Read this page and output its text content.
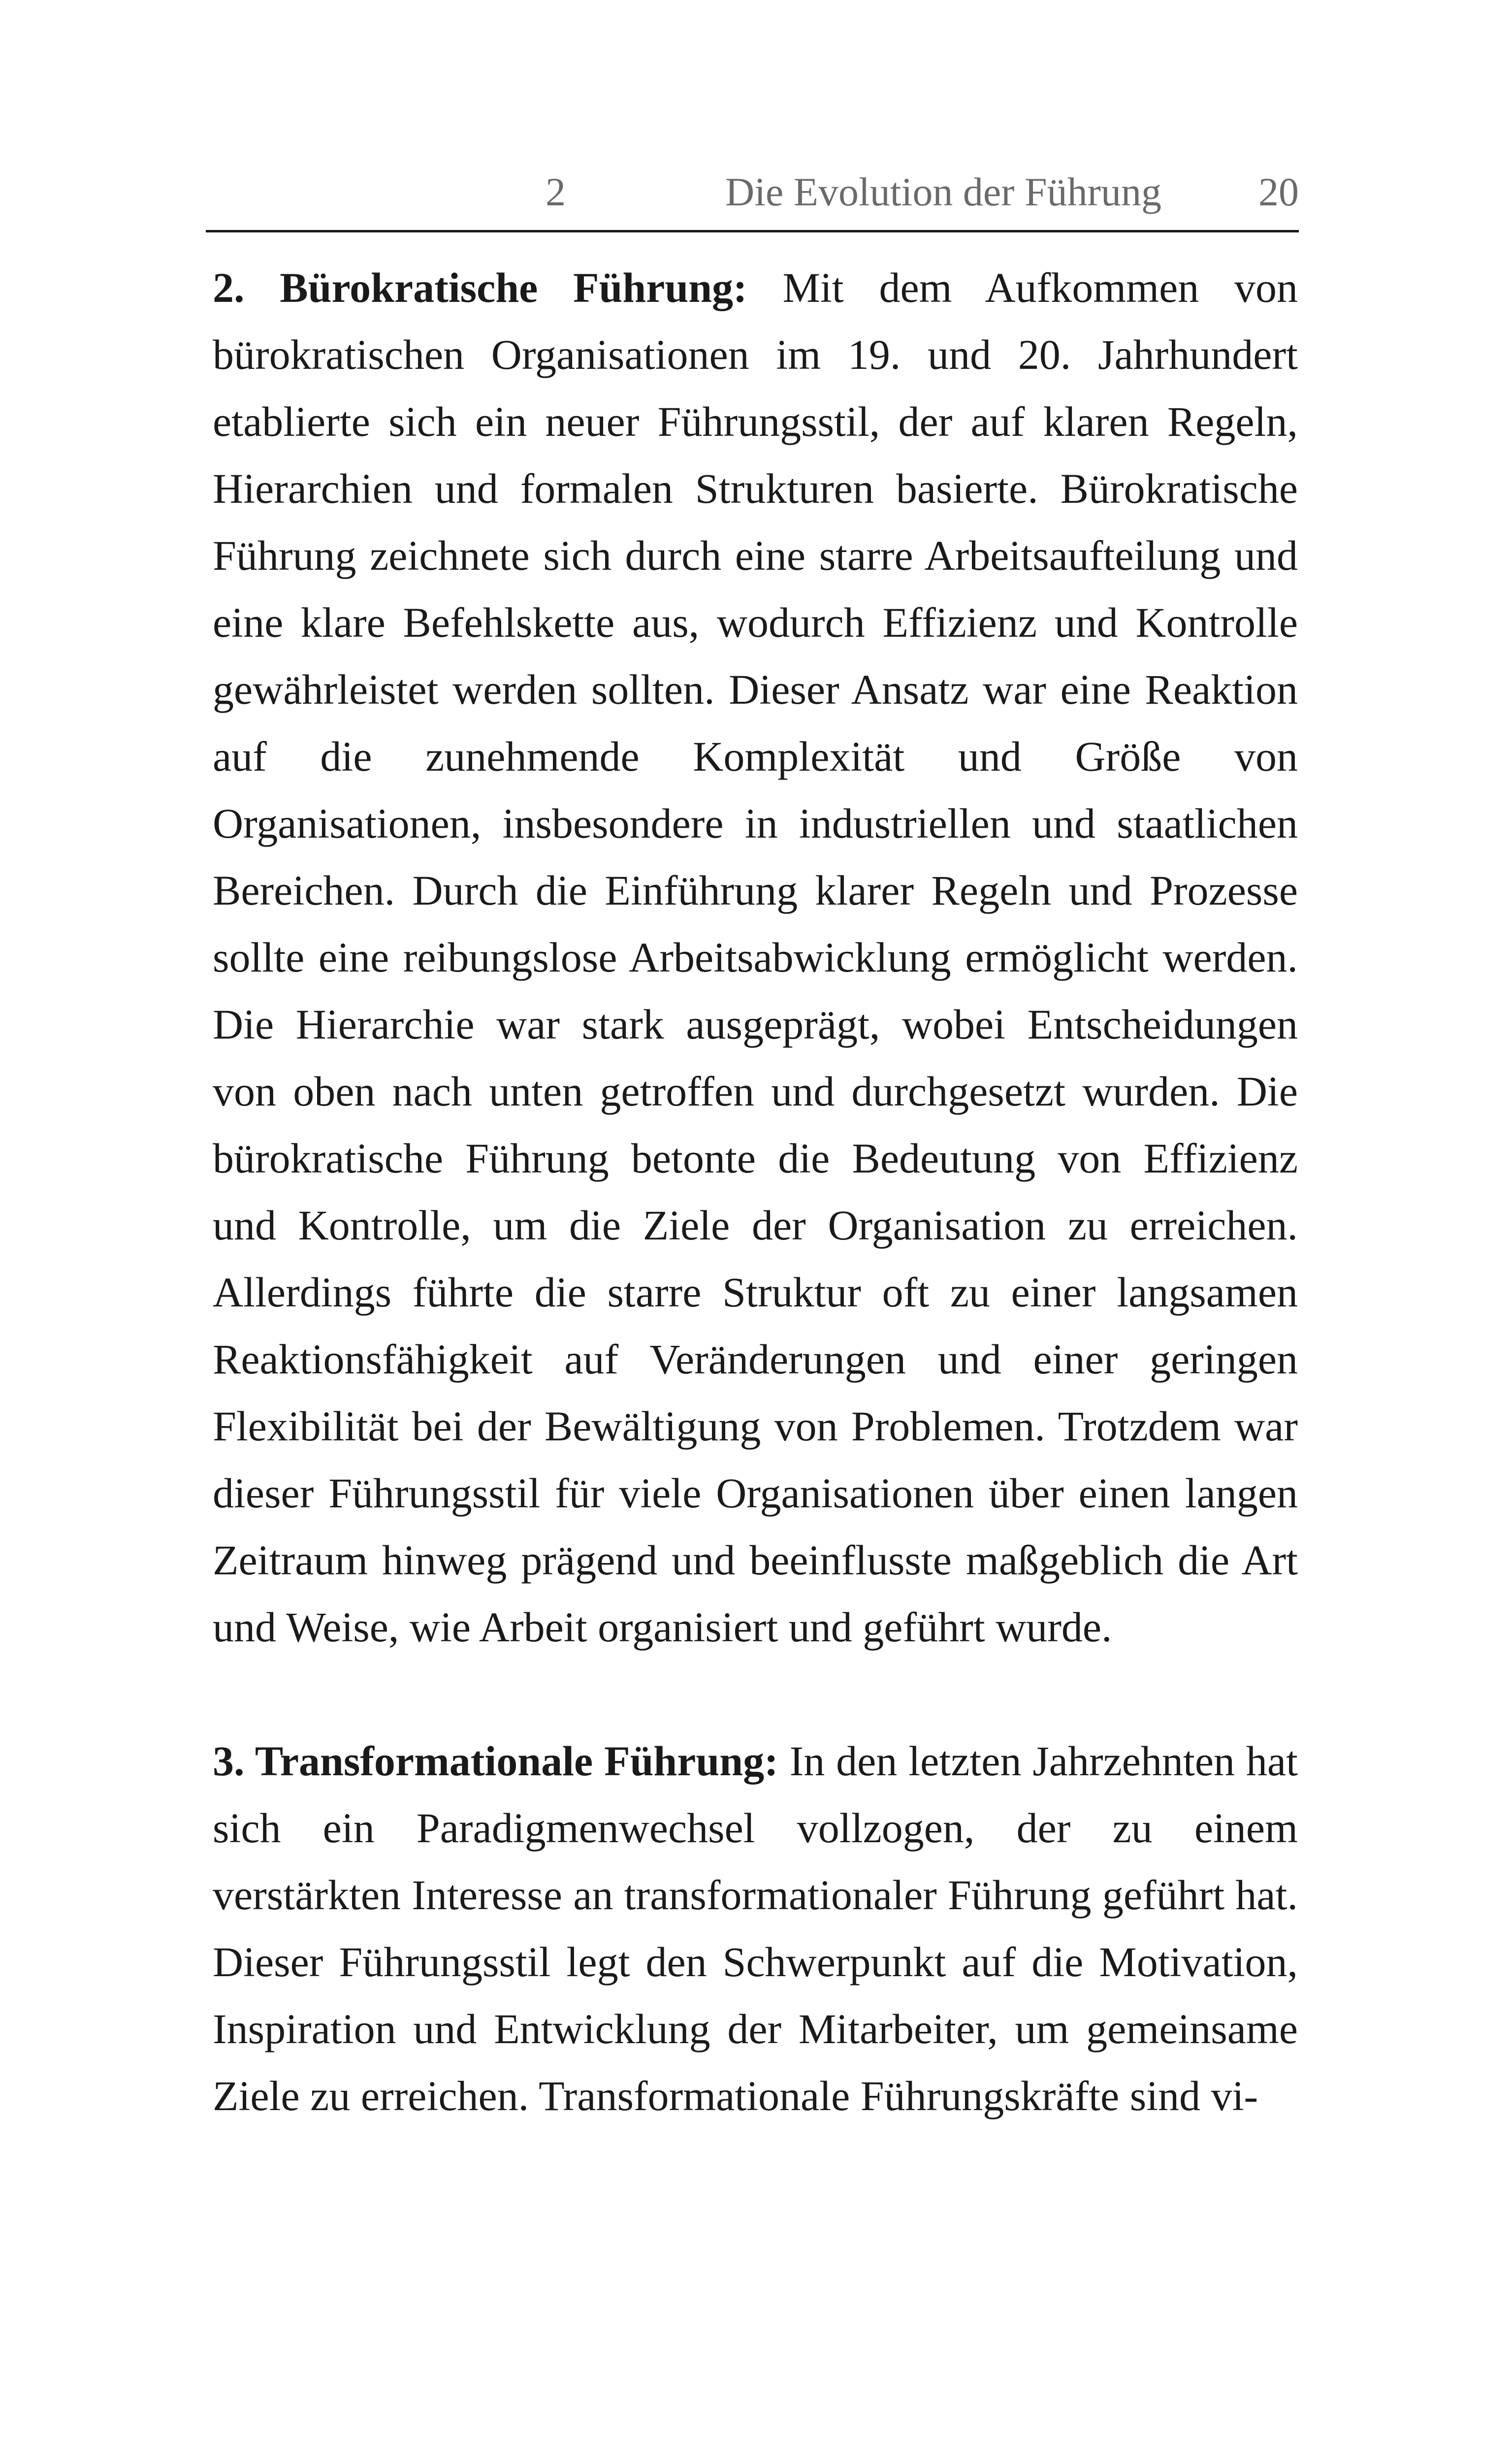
2	Die Evolution der Führung 20

2. Bürokratische Führung: Mit dem Aufkommen von bürokratischen Organisationen im 19. und 20. Jahrhundert etablierte sich ein neuer Führungsstil, der auf klaren Regeln, Hierarchien und formalen Strukturen basierte. Bürokratische Führung zeichnete sich durch eine starre Arbeitsaufteilung und eine klare Befehlskette aus, wodurch Effizienz und Kontrolle gewährleistet werden sollten. Dieser Ansatz war eine Reaktion auf die zunehmende Komplexität und Größe von Organisationen, insbesondere in industriellen und staatlichen Bereichen. Durch die Einführung klarer Regeln und Prozesse sollte eine reibungslose Arbeitsabwicklung ermöglicht werden. Die Hierarchie war stark ausgeprägt, wobei Entscheidungen von oben nach unten getroffen und durchgesetzt wurden. Die bürokratische Führung betonte die Bedeutung von Effizienz und Kontrolle, um die Ziele der Organisation zu erreichen. Allerdings führte die starre Struktur oft zu einer langsamen Reaktionsfähigkeit auf Veränderungen und einer geringen Flexibilität bei der Bewältigung von Problemen. Trotzdem war dieser Führungsstil für viele Organisationen über einen langen Zeitraum hinweg prägend und beeinflusste maßgeblich die Art und Weise, wie Arbeit organisiert und geführt wurde.

3. Transformationale Führung: In den letzten Jahrzehnten hat sich ein Paradigmenwechsel vollzogen, der zu einem verstärkten Interesse an transformationaler Führung geführt hat. Dieser Führungsstil legt den Schwerpunkt auf die Motivation, Inspiration und Entwicklung der Mitarbeiter, um gemeinsame Ziele zu erreichen. Transformationale Führungskräfte sind vi-
